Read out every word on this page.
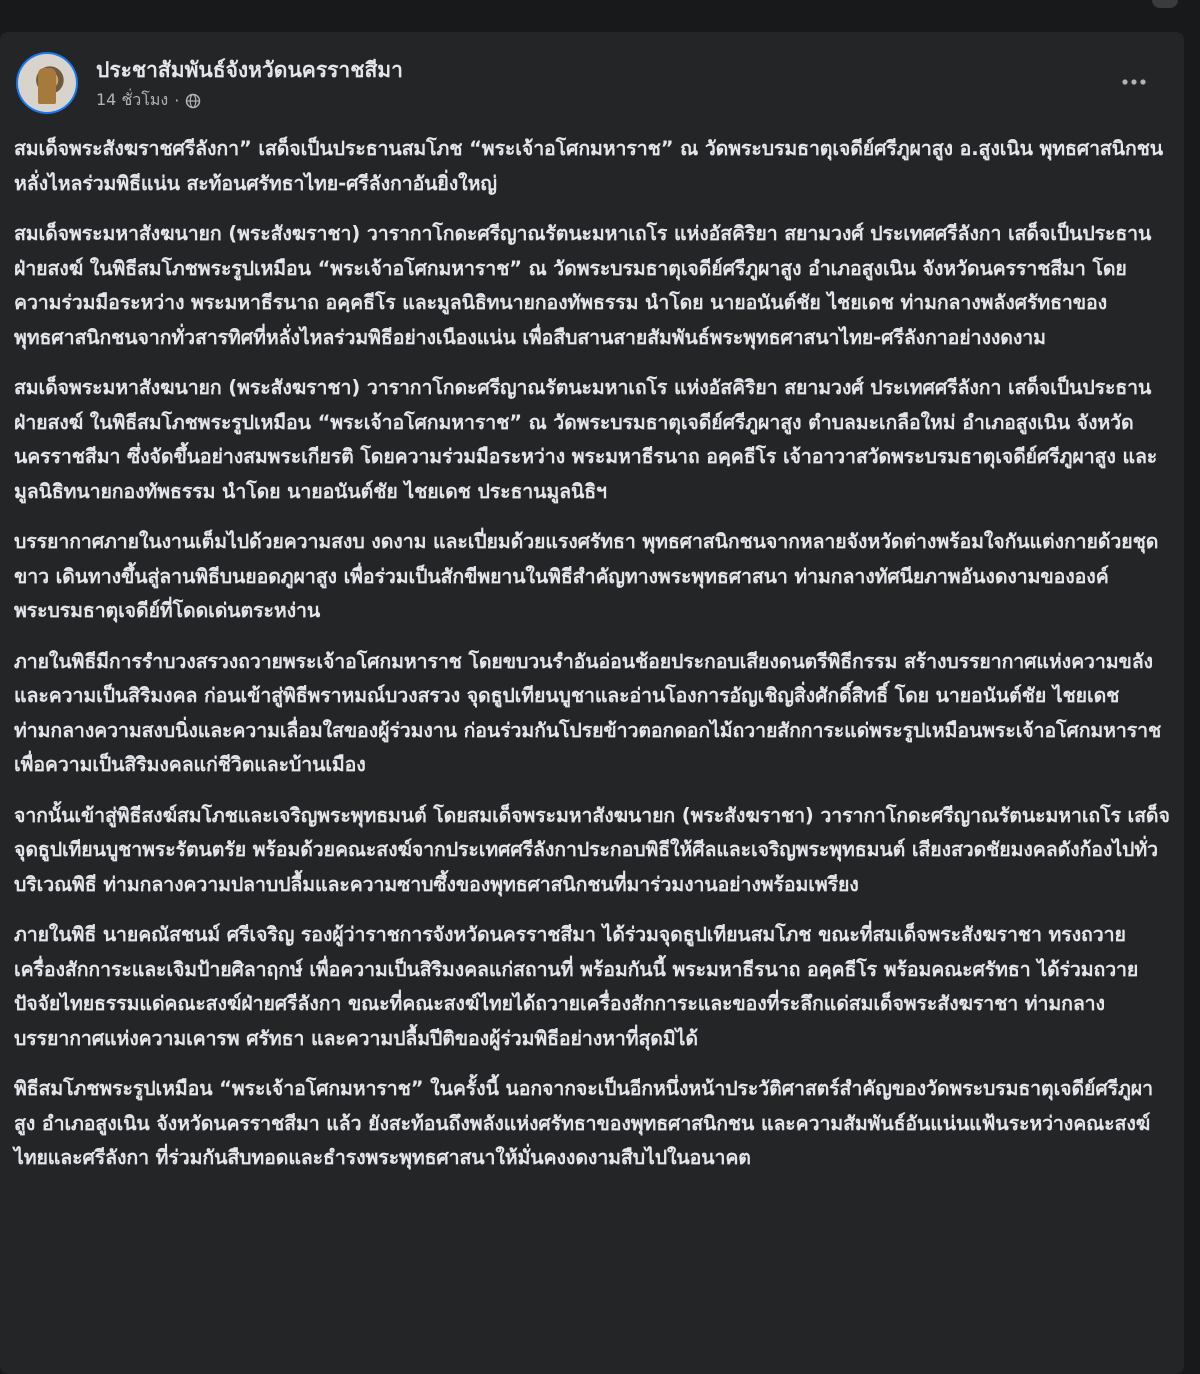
ประชาสัมพันธ์จังหวัดนครราชสีมา
14 ชั่วโมง ·

สมเด็จพระสังฆราชศรีลังกา” เสด็จเป็นประธานสมโภช “พระเจ้าอโศกมหาราช” ณ วัดพระบรมธาตุเจดีย์ศรีภูผาสูง อ.สูงเนิน พุทธศาสนิกชนหลั่งไหลร่วมพิธีแน่น สะท้อนศรัทธาไทย-ศรีลังกาอันยิ่งใหญ่

สมเด็จพระมหาสังฆนายก (พระสังฆราชา) วารากาโกดะศรีญาณรัตนะมหาเถโร แห่งอัสคิริยา สยามวงศ์ ประเทศศรีลังกา เสด็จเป็นประธานฝ่ายสงฆ์ ในพิธีสมโภชพระรูปเหมือน “พระเจ้าอโศกมหาราช” ณ วัดพระบรมธาตุเจดีย์ศรีภูผาสูง อำเภอสูงเนิน จังหวัดนครราชสีมา โดยความร่วมมือระหว่าง พระมหาธีรนาถ อคฺคธีโร และมูลนิธิทนายกองทัพธรรม นำโดย นายอนันต์ชัย ไชยเดช ท่ามกลางพลังศรัทธาของพุทธศาสนิกชนจากทั่วสารทิศที่หลั่งไหลร่วมพิธีอย่างเนืองแน่น เพื่อสืบสานสายสัมพันธ์พระพุทธศาสนาไทย-ศรีลังกาอย่างงดงาม

สมเด็จพระมหาสังฆนายก (พระสังฆราชา) วารากาโกดะศรีญาณรัตนะมหาเถโร แห่งอัสคิริยา สยามวงศ์ ประเทศศรีลังกา เสด็จเป็นประธานฝ่ายสงฆ์ ในพิธีสมโภชพระรูปเหมือน “พระเจ้าอโศกมหาราช” ณ วัดพระบรมธาตุเจดีย์ศรีภูผาสูง ตำบลมะเกลือใหม่ อำเภอสูงเนิน จังหวัดนครราชสีมา ซึ่งจัดขึ้นอย่างสมพระเกียรติ โดยความร่วมมือระหว่าง พระมหาธีรนาถ อคฺคธีโร เจ้าอาวาสวัดพระบรมธาตุเจดีย์ศรีภูผาสูง และมูลนิธิทนายกองทัพธรรม นำโดย นายอนันต์ชัย ไชยเดช ประธานมูลนิธิฯ

บรรยากาศภายในงานเต็มไปด้วยความสงบ งดงาม และเปี่ยมด้วยแรงศรัทธา พุทธศาสนิกชนจากหลายจังหวัดต่างพร้อมใจกันแต่งกายด้วยชุดขาว เดินทางขึ้นสู่ลานพิธีบนยอดภูผาสูง เพื่อร่วมเป็นสักขีพยานในพิธีสำคัญทางพระพุทธศาสนา ท่ามกลางทัศนียภาพอันงดงามขององค์พระบรมธาตุเจดีย์ที่โดดเด่นตระหง่าน

ภายในพิธีมีการรำบวงสรวงถวายพระเจ้าอโศกมหาราช โดยขบวนรำอันอ่อนช้อยประกอบเสียงดนตรีพิธีกรรม สร้างบรรยากาศแห่งความขลังและความเป็นสิริมงคล ก่อนเข้าสู่พิธีพราหมณ์บวงสรวง จุดธูปเทียนบูชาและอ่านโองการอัญเชิญสิ่งศักดิ์สิทธิ์ โดย นายอนันต์ชัย ไชยเดช ท่ามกลางความสงบนิ่งและความเลื่อมใสของผู้ร่วมงาน ก่อนร่วมกันโปรยข้าวตอกดอกไม้ถวายสักการะแด่พระรูปเหมือนพระเจ้าอโศกมหาราช เพื่อความเป็นสิริมงคลแก่ชีวิตและบ้านเมือง

จากนั้นเข้าสู่พิธีสงฆ์สมโภชและเจริญพระพุทธมนต์ โดยสมเด็จพระมหาสังฆนายก (พระสังฆราชา) วารากาโกดะศรีญาณรัตนะมหาเถโร เสด็จจุดธูปเทียนบูชาพระรัตนตรัย พร้อมด้วยคณะสงฆ์จากประเทศศรีลังกาประกอบพิธีให้ศีลและเจริญพระพุทธมนต์ เสียงสวดชัยมงคลดังก้องไปทั่วบริเวณพิธี ท่ามกลางความปลาบปลื้มและความซาบซึ้งของพุทธศาสนิกชนที่มาร่วมงานอย่างพร้อมเพรียง

ภายในพิธี นายคณัสชนม์ ศรีเจริญ รองผู้ว่าราชการจังหวัดนครราชสีมา ได้ร่วมจุดธูปเทียนสมโภช ขณะที่สมเด็จพระสังฆราชา ทรงถวายเครื่องสักการะและเจิมป้ายศิลาฤกษ์ เพื่อความเป็นสิริมงคลแก่สถานที่ พร้อมกันนี้ พระมหาธีรนาถ อคฺคธีโร พร้อมคณะศรัทธา ได้ร่วมถวายปัจจัยไทยธรรมแด่คณะสงฆ์ฝ่ายศรีลังกา ขณะที่คณะสงฆ์ไทยได้ถวายเครื่องสักการะและของที่ระลึกแด่สมเด็จพระสังฆราชา ท่ามกลางบรรยากาศแห่งความเคารพ ศรัทธา และความปลื้มปีติของผู้ร่วมพิธีอย่างหาที่สุดมิได้

พิธีสมโภชพระรูปเหมือน “พระเจ้าอโศกมหาราช” ในครั้งนี้ นอกจากจะเป็นอีกหนึ่งหน้าประวัติศาสตร์สำคัญของวัดพระบรมธาตุเจดีย์ศรีภูผาสูง อำเภอสูงเนิน จังหวัดนครราชสีมา แล้ว ยังสะท้อนถึงพลังแห่งศรัทธาของพุทธศาสนิกชน และความสัมพันธ์อันแน่นแฟ้นระหว่างคณะสงฆ์ไทยและศรีลังกา ที่ร่วมกันสืบทอดและธำรงพระพุทธศาสนาให้มั่นคงงดงามสืบไปในอนาคต
